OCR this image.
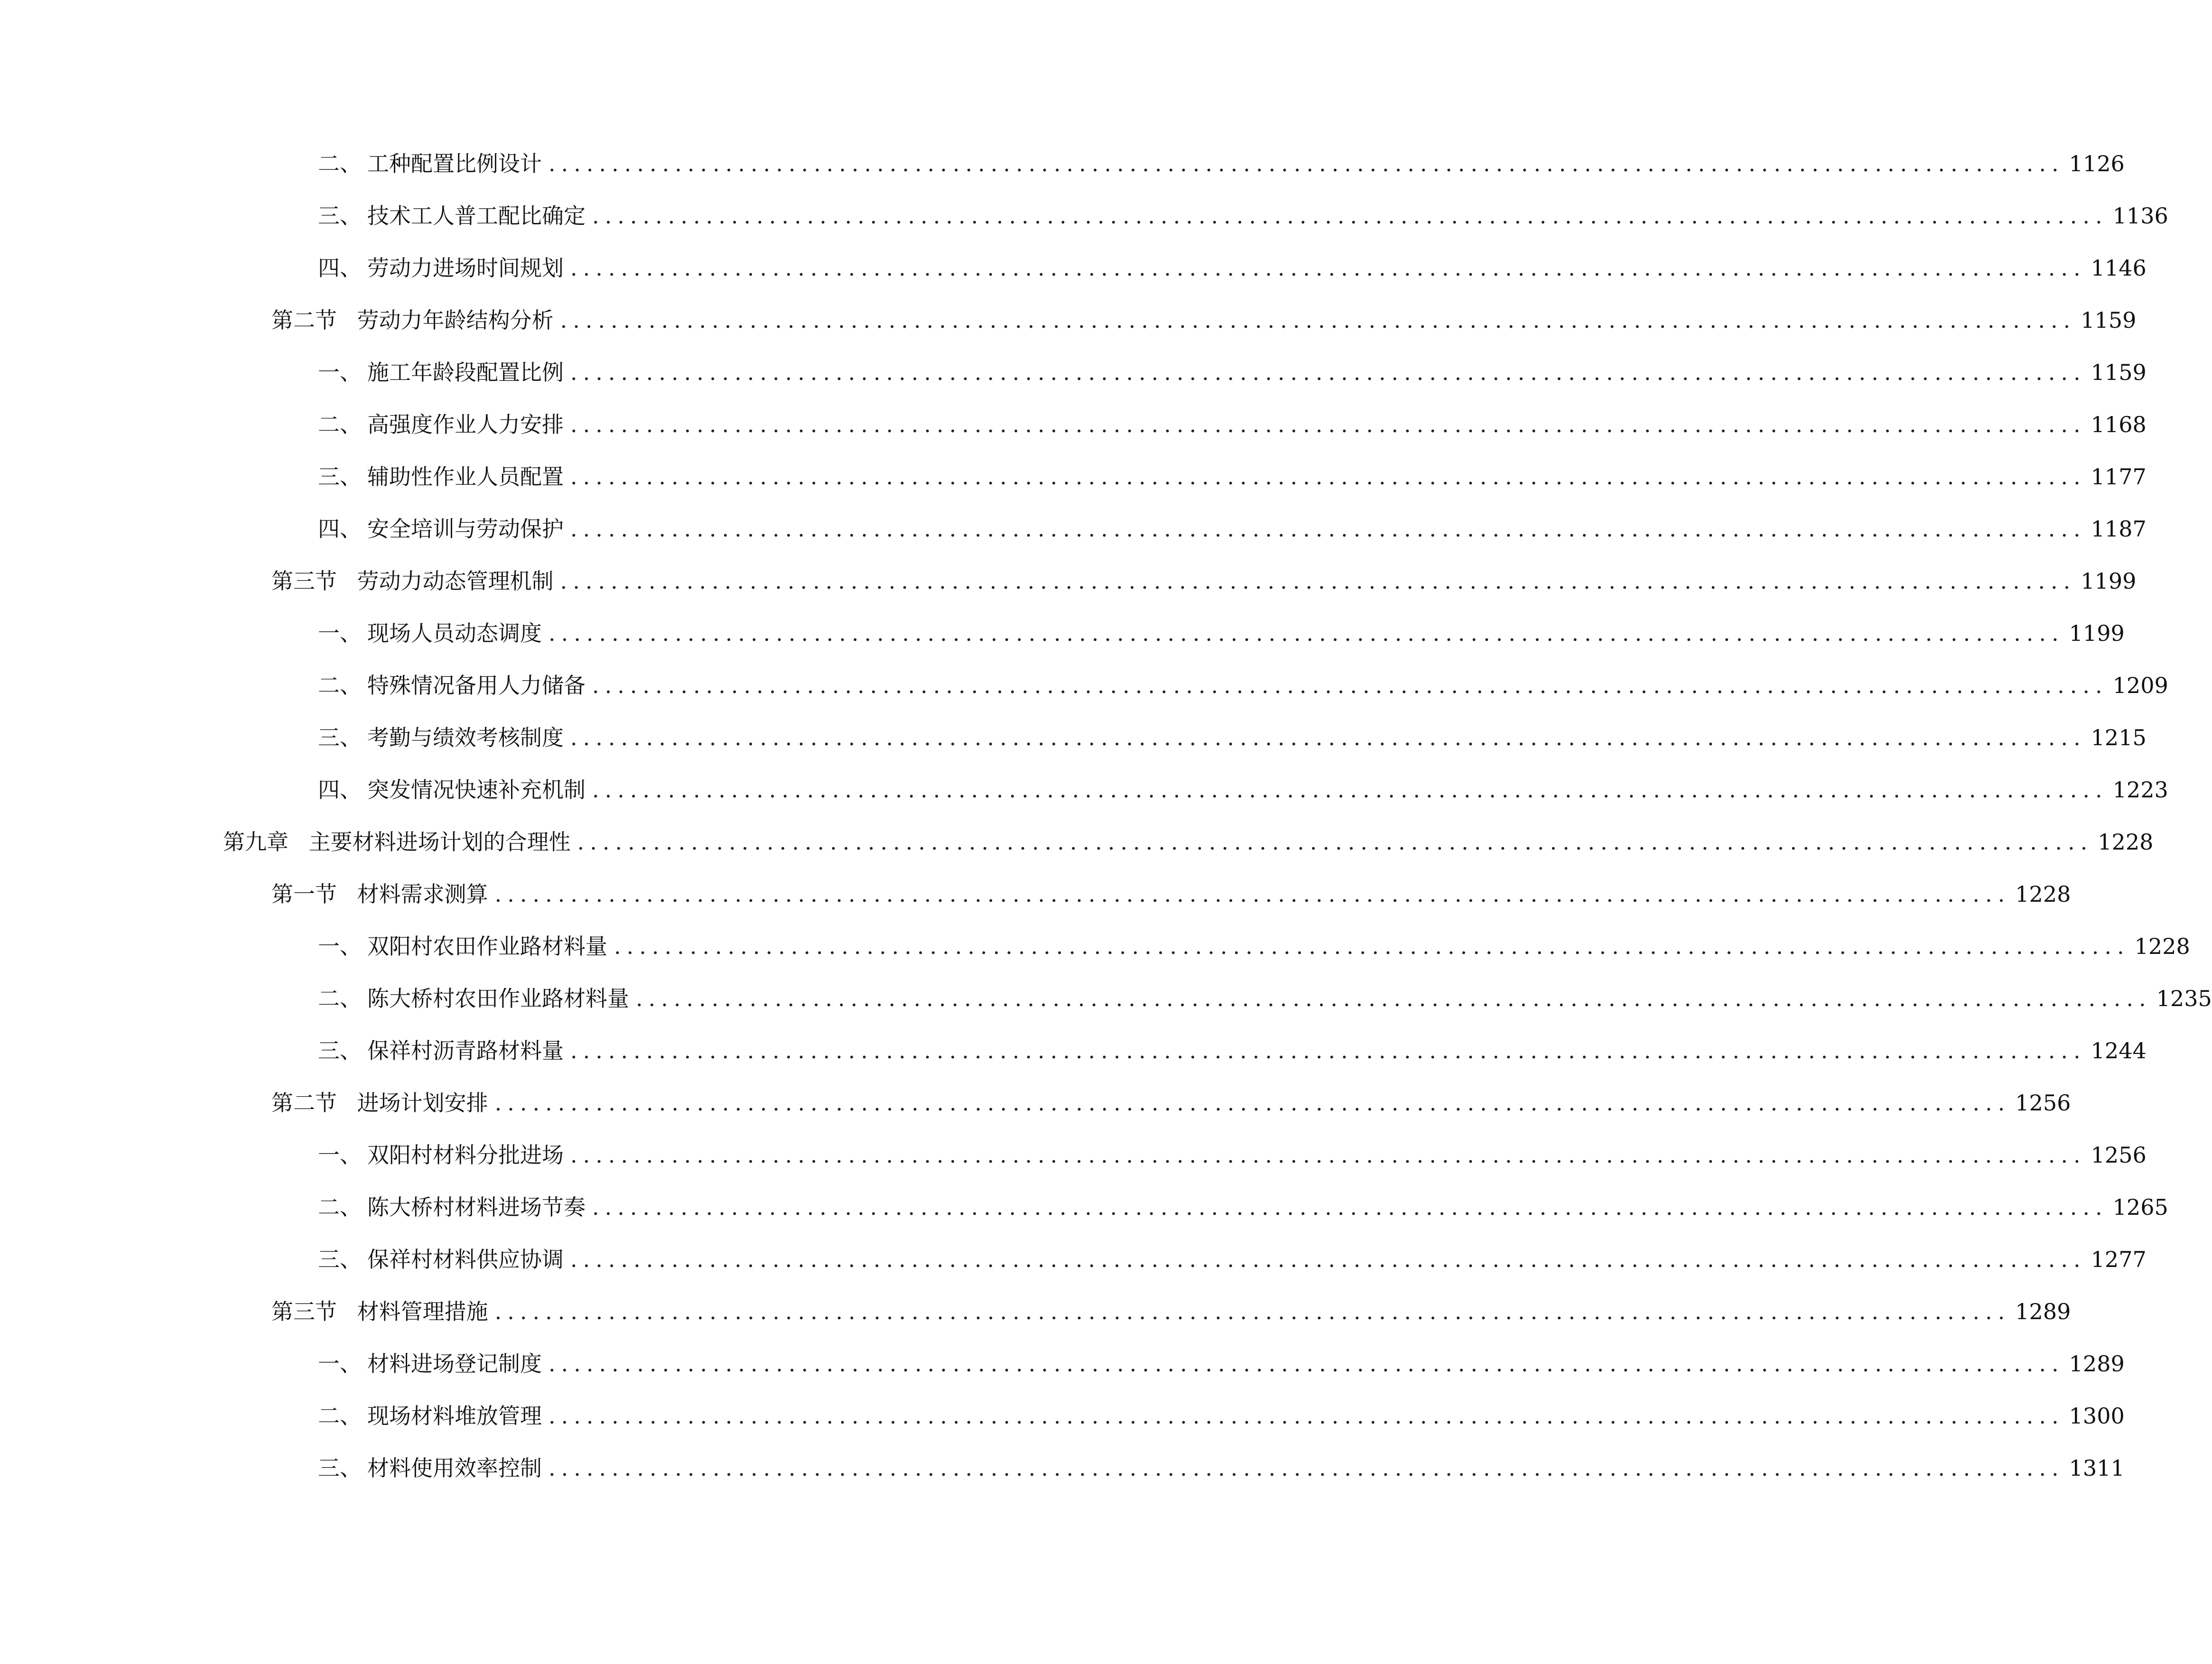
二、 工种配置比例设计 ........................................................................................................................ 1126
三、 技术工人普工配比确定 ........................................................................................................................ 1136
四、 劳动力进场时间规划 ........................................................................................................................ 1146
第二节 劳动力年龄结构分析 ........................................................................................................................ 1159
一、 施工年龄段配置比例 ........................................................................................................................ 1159
二、 高强度作业人力安排 ........................................................................................................................ 1168
三、 辅助性作业人员配置 ........................................................................................................................ 1177
四、 安全培训与劳动保护 ........................................................................................................................ 1187
第三节 劳动力动态管理机制 ........................................................................................................................ 1199
一、 现场人员动态调度 ........................................................................................................................ 1199
二、 特殊情况备用人力储备 ........................................................................................................................ 1209
三、 考勤与绩效考核制度 ........................................................................................................................ 1215
四、 突发情况快速补充机制 ........................................................................................................................ 1223
第九章 主要材料进场计划的合理性 ........................................................................................................................ 1228
第一节 材料需求测算 ........................................................................................................................ 1228
一、 双阳村农田作业路材料量 ........................................................................................................................ 1228
二、 陈大桥村农田作业路材料量 ........................................................................................................................ 1235
三、 保祥村沥青路材料量 ........................................................................................................................ 1244
第二节 进场计划安排 ........................................................................................................................ 1256
一、 双阳村材料分批进场 ........................................................................................................................ 1256
二、 陈大桥村材料进场节奏 ........................................................................................................................ 1265
三、 保祥村材料供应协调 ........................................................................................................................ 1277
第三节 材料管理措施 ........................................................................................................................ 1289
一、 材料进场登记制度 ........................................................................................................................ 1289
二、 现场材料堆放管理 ........................................................................................................................ 1300
三、 材料使用效率控制 ........................................................................................................................ 1311
